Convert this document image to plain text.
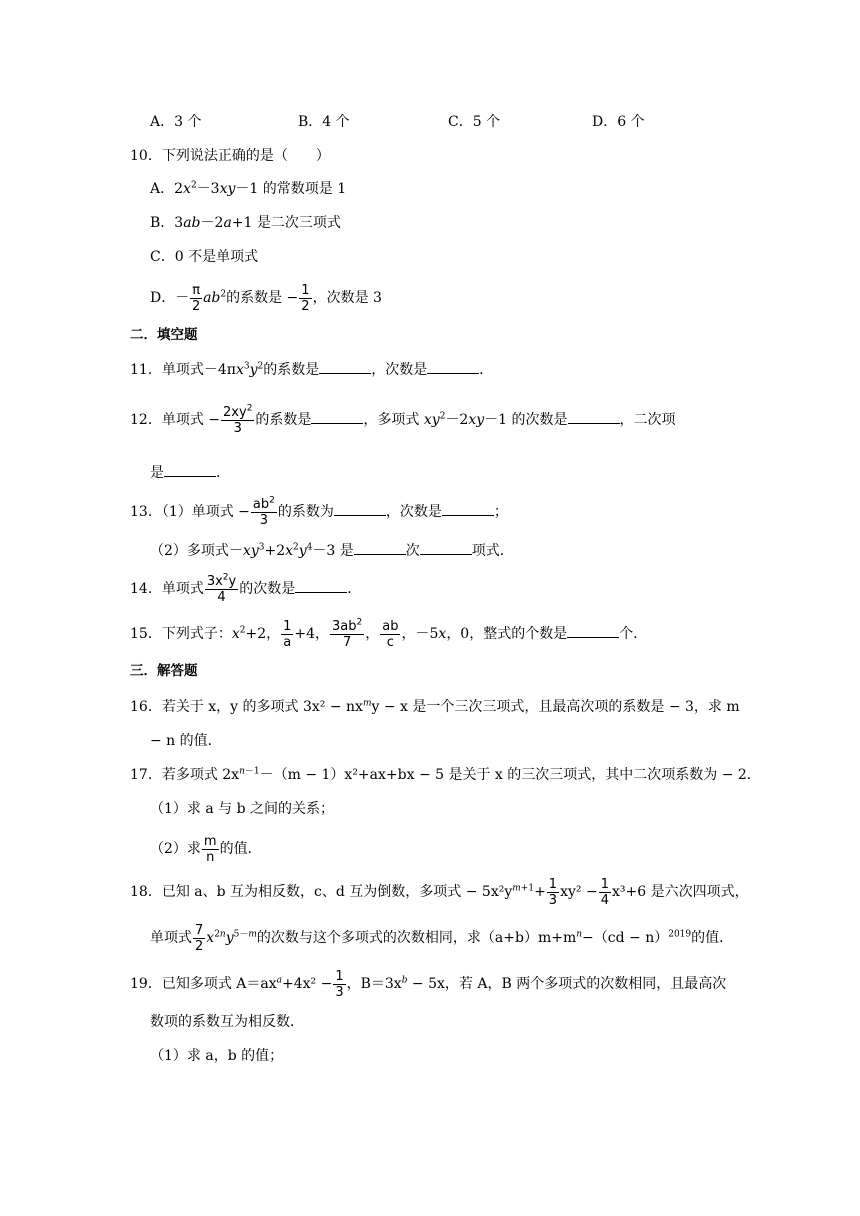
A．3 个	B．4 个	C．5 个	D．6 个
10．下列说法正确的是（　　）
A．$2x^2-3xy-1$ 的常数项是 1
B．3ab－2a+1 是二次三项式
C．0 不是单项式
D．－ $\frac{\pi}{2} ab^2$的系数是 − $\frac{1}{2}$ ，次数是 3
二．填空题
11．单项式$-4\pi x^3y^2$的系数是	，次数是	．
12．单项式 − $\frac{2xy^2}{3}$ 的系数是	，多项式 $xy^2-2xy-1$ 的次数是	，二次项
是	．
13．（1）单项式 − $\frac{ab^2}{3}$ 的系数为	，次数是	；
（2）多项式$-xy^3+2x^2y^4-3$ 是	次	项式．
14．单项式 $\frac{3x^2y}{4}$ 的次数是	．
15．下列式子：$x^2+2$， $\frac{1}{a} +4$， $\frac{3ab^2}{7}$ ， $\frac{ab}{c}$ ，－5x，0，整式的个数是	个．
三．解答题
16．若关于 x，y 的多项式 $3x^2 - nx^my - x$ 是一个三次三项式，且最高次项的系数是 − 3，求 m
− n 的值．
17．若多项式 $2x^{n-1}-(m - 1)x^2+ax+bx - 5$ 是关于 x 的三次三项式，其中二次项系数为 − 2．
（1）求 a 与 b 之间的关系；
（2）求 $\frac{m}{n}$ 的值．
18．已知 a、b 互为相反数，c、d 互为倒数，多项式 − $5x^2y^{m+1}+ \frac{1}{3} xy^2 - \frac{1}{4} x^3+6$ 是六次四项式，
单项式 $\frac{7}{2} x^{2n}y^{5-m}$的次数与这个多项式的次数相同，求$(a+b)m+m^n-(cd - n)^{2019}$的值．
19．已知多项式 $A=ax^a+4x^2 - \frac{1}{3}$ ，$B=3x^b - 5x$，若 A，B 两个多项式的次数相同，且最高次
数项的系数互为相反数．
（1）求 a，b 的值；
